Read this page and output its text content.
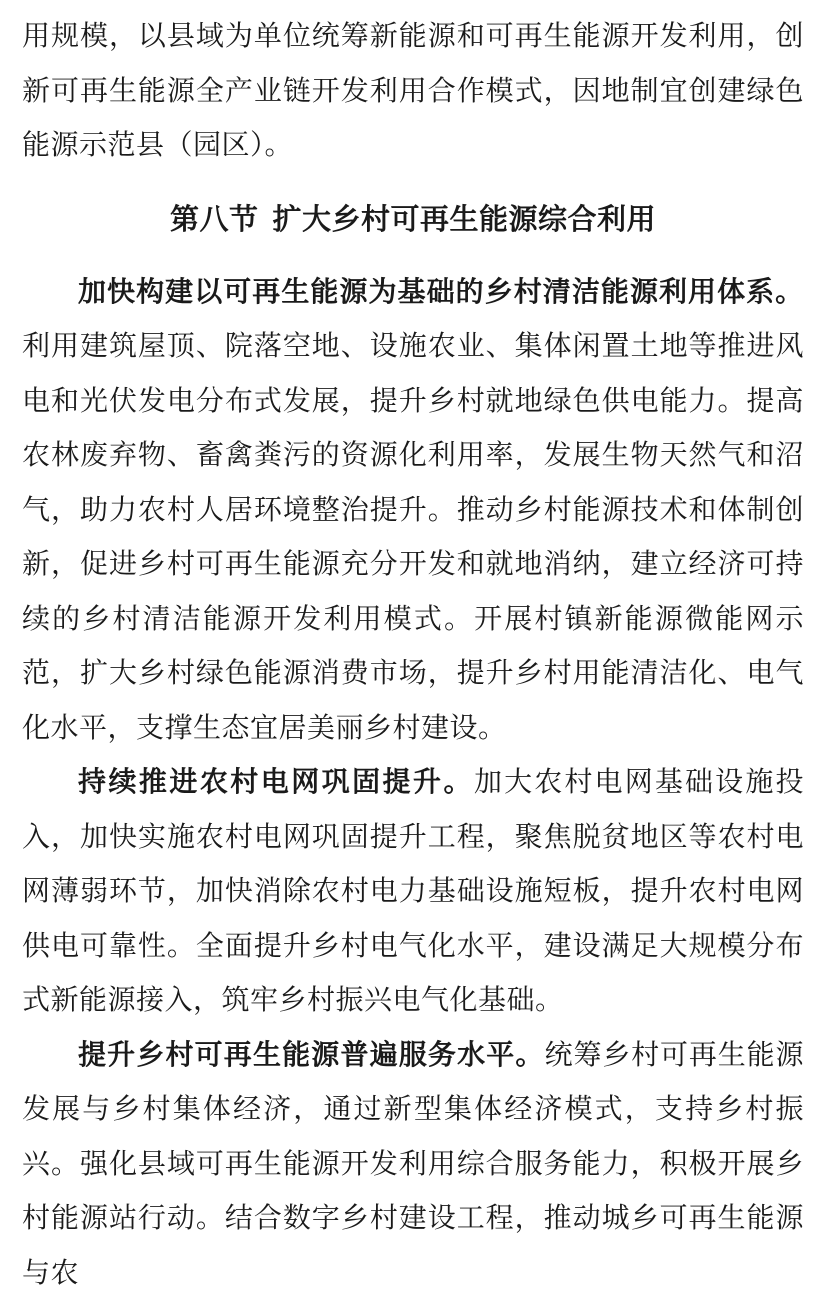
用规模，以县域为单位统筹新能源和可再生能源开发利用，创新可再生能源全产业链开发利用合作模式，因地制宜创建绿色能源示范县（园区）。

第八节 扩大乡村可再生能源综合利用

加快构建以可再生能源为基础的乡村清洁能源利用体系。利用建筑屋顶、院落空地、设施农业、集体闲置土地等推进风电和光伏发电分布式发展，提升乡村就地绿色供电能力。提高农林废弃物、畜禽粪污的资源化利用率，发展生物天然气和沼气，助力农村人居环境整治提升。推动乡村能源技术和体制创新，促进乡村可再生能源充分开发和就地消纳，建立经济可持续的乡村清洁能源开发利用模式。开展村镇新能源微能网示范，扩大乡村绿色能源消费市场，提升乡村用能清洁化、电气化水平，支撑生态宜居美丽乡村建设。

持续推进农村电网巩固提升。加大农村电网基础设施投入，加快实施农村电网巩固提升工程，聚焦脱贫地区等农村电网薄弱环节，加快消除农村电力基础设施短板，提升农村电网供电可靠性。全面提升乡村电气化水平，建设满足大规模分布式新能源接入，筑牢乡村振兴电气化基础。

提升乡村可再生能源普遍服务水平。统筹乡村可再生能源发展与乡村集体经济，通过新型集体经济模式，支持乡村振兴。强化县域可再生能源开发利用综合服务能力，积极开展乡村能源站行动。结合数字乡村建设工程，推动城乡可再生能源与农
